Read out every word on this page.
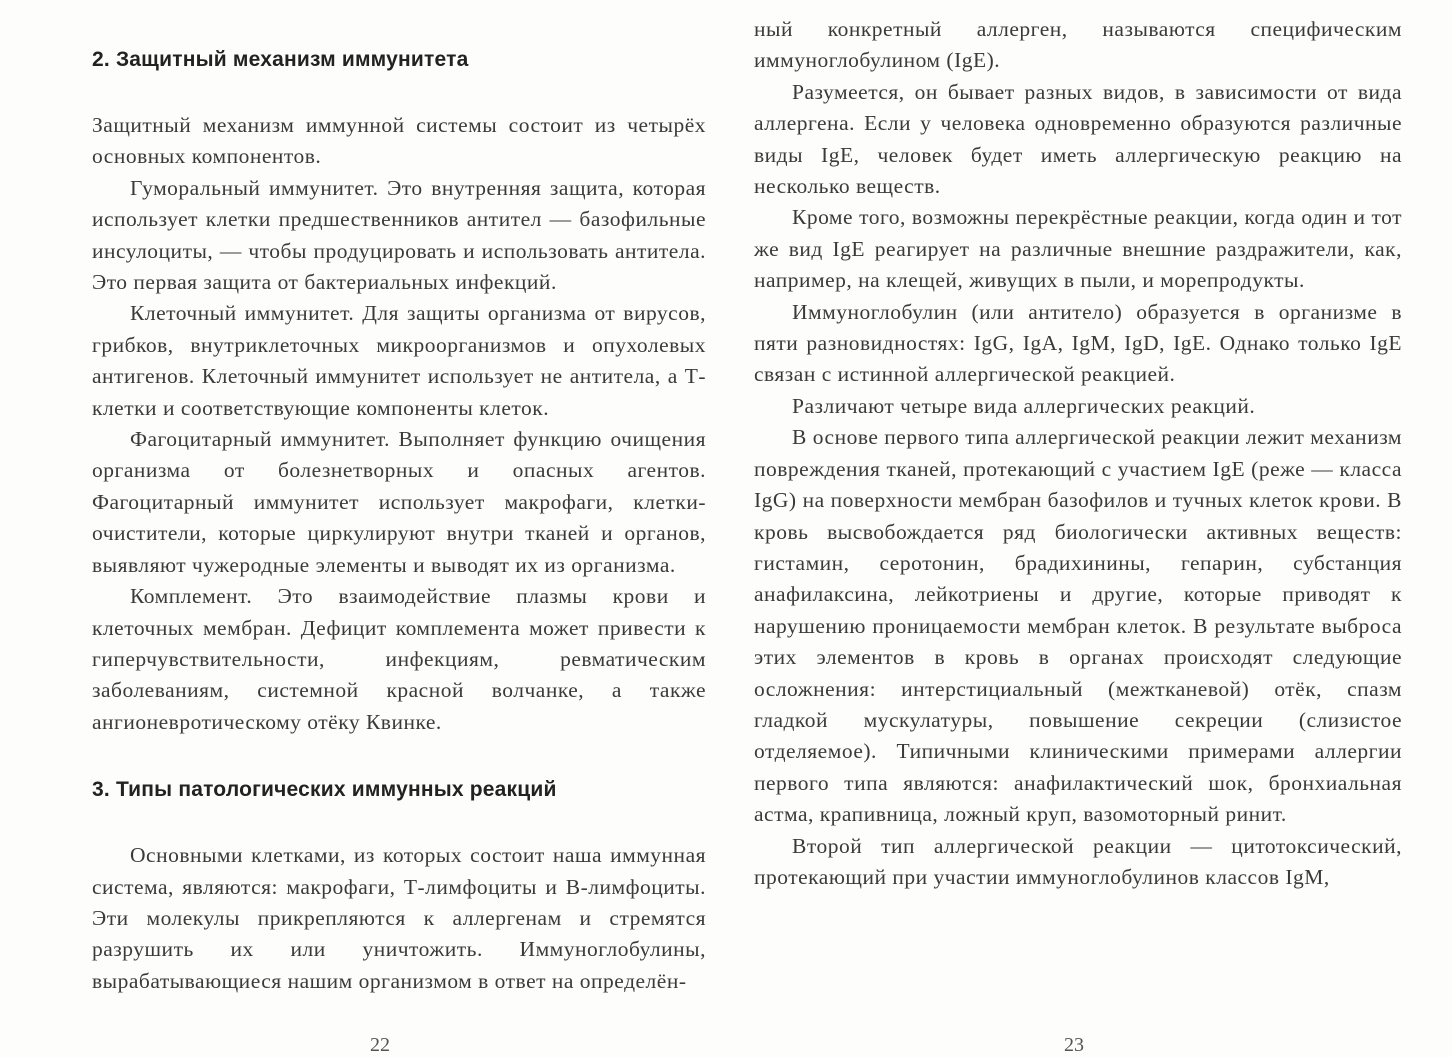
2. Защитный механизм иммунитета

Защитный механизм иммунной системы состоит из четырёх основных компонентов.

Гуморальный иммунитет. Это внутренняя защита, которая использует клетки предшественников антител — базофильные инсулоциты, — чтобы продуцировать и использовать антитела. Это первая защита от бактериальных инфекций.

Клеточный иммунитет. Для защиты организма от вирусов, грибков, внутриклеточных микроорганизмов и опухолевых антигенов. Клеточный иммунитет использует не антитела, а Т-клетки и соответствующие компоненты клеток.

Фагоцитарный иммунитет. Выполняет функцию очищения организма от болезнетворных и опасных агентов. Фагоцитарный иммунитет использует макрофаги, клетки-очистители, которые циркулируют внутри тканей и органов, выявляют чужеродные элементы и выводят их из организма.

Комплемент. Это взаимодействие плазмы крови и клеточных мембран. Дефицит комплемента может привести к гиперчувствительности, инфекциям, ревматическим заболеваниям, системной красной волчанке, а также ангионевротическому отёку Квинке.

3. Типы патологических иммунных реакций

Основными клетками, из которых состоит наша иммунная система, являются: макрофаги, Т-лимфоциты и В-лимфоциты. Эти молекулы прикрепляются к аллергенам и стремятся разрушить их или уничтожить. Иммуноглобулины, вырабатывающиеся нашим организмом в ответ на определён-

22

ный конкретный аллерген, называются специфическим иммуноглобулином (IgE).

Разумеется, он бывает разных видов, в зависимости от вида аллергена. Если у человека одновременно образуются различные виды IgE, человек будет иметь аллергическую реакцию на несколько веществ.

Кроме того, возможны перекрёстные реакции, когда один и тот же вид IgE реагирует на различные внешние раздражители, как, например, на клещей, живущих в пыли, и морепродукты.

Иммуноглобулин (или антитело) образуется в организме в пяти разновидностях: IgG, IgA, IgM, IgD, IgE. Однако только IgE связан с истинной аллергической реакцией.

Различают четыре вида аллергических реакций.

В основе первого типа аллергической реакции лежит механизм повреждения тканей, протекающий с участием IgE (реже — класса IgG) на поверхности мембран базофилов и тучных клеток крови. В кровь высвобождается ряд биологически активных веществ: гистамин, серотонин, брадихинины, гепарин, субстанция анафилаксина, лейкотриены и другие, которые приводят к нарушению проницаемости мембран клеток. В результате выброса этих элементов в кровь в органах происходят следующие осложнения: интерстициальный (межтканевой) отёк, спазм гладкой мускулатуры, повышение секреции (слизистое отделяемое). Типичными клиническими примерами аллергии первого типа являются: анафилактический шок, бронхиальная астма, крапивница, ложный круп, вазомоторный ринит.

Второй тип аллергической реакции — цитотоксический, протекающий при участии иммуноглобулинов классов IgM,

23
